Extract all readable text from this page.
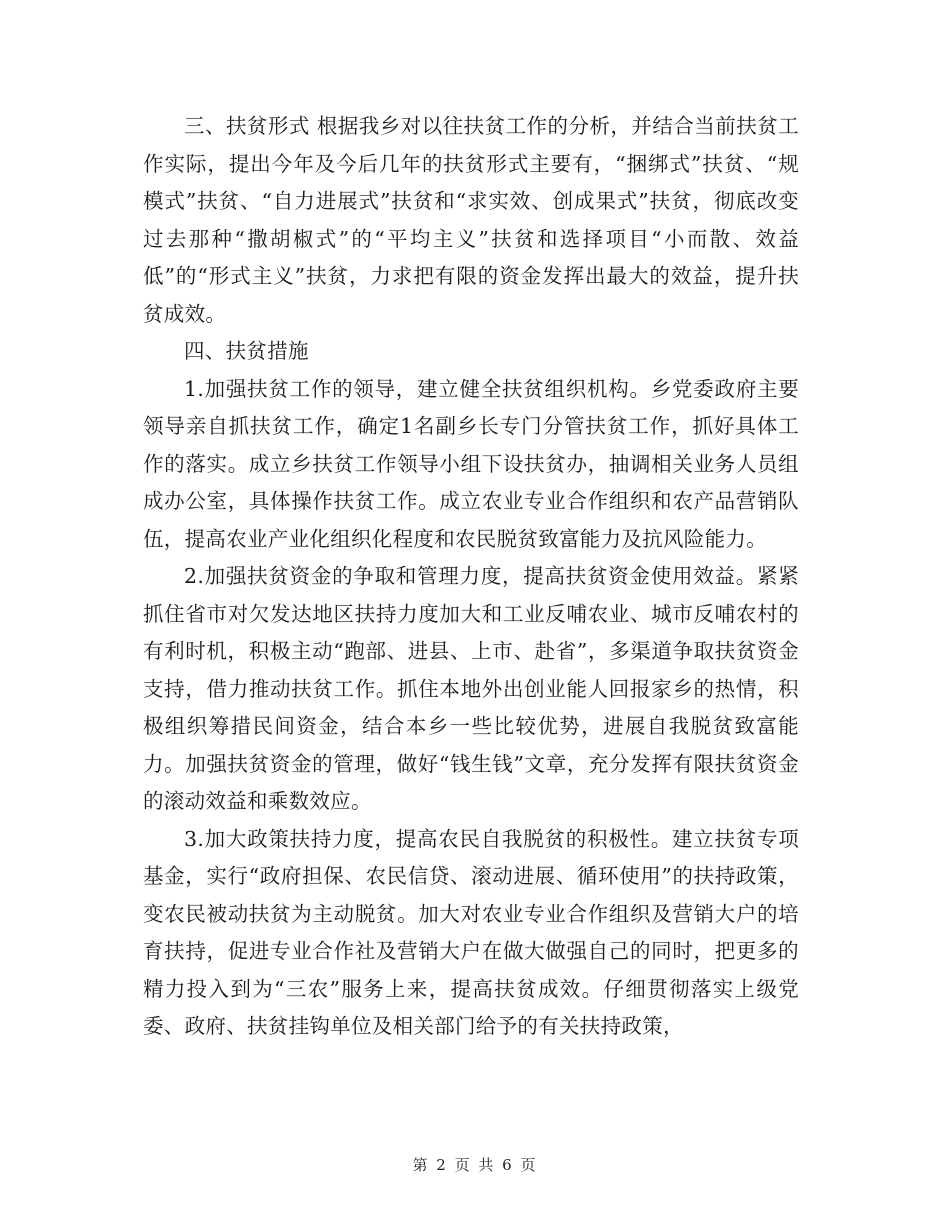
三、扶贫形式 根据我乡对以往扶贫工作的分析，并结合当前扶贫工作实际，提出今年及今后几年的扶贫形式主要有，“捆绑式”扶贫、“规模式”扶贫、“自力进展式”扶贫和“求实效、创成果式”扶贫，彻底改变过去那种“撒胡椒式”的“平均主义”扶贫和选择项目“小而散、效益低”的“形式主义”扶贫，力求把有限的资金发挥出最大的效益，提升扶贫成效。

四、扶贫措施

1.加强扶贫工作的领导，建立健全扶贫组织机构。乡党委政府主要领导亲自抓扶贫工作，确定1名副乡长专门分管扶贫工作，抓好具体工作的落实。成立乡扶贫工作领导小组下设扶贫办，抽调相关业务人员组成办公室，具体操作扶贫工作。成立农业专业合作组织和农产品营销队伍，提高农业产业化组织化程度和农民脱贫致富能力及抗风险能力。

2.加强扶贫资金的争取和管理力度，提高扶贫资金使用效益。紧紧抓住省市对欠发达地区扶持力度加大和工业反哺农业、城市反哺农村的有利时机，积极主动“跑部、进县、上市、赴省”，多渠道争取扶贫资金支持，借力推动扶贫工作。抓住本地外出创业能人回报家乡的热情，积极组织筹措民间资金，结合本乡一些比较优势，进展自我脱贫致富能力。加强扶贫资金的管理，做好“钱生钱”文章，充分发挥有限扶贫资金的滚动效益和乘数效应。

3.加大政策扶持力度，提高农民自我脱贫的积极性。建立扶贫专项基金，实行“政府担保、农民信贷、滚动进展、循环使用”的扶持政策，变农民被动扶贫为主动脱贫。加大对农业专业合作组织及营销大户的培育扶持，促进专业合作社及营销大户在做大做强自己的同时，把更多的精力投入到为“三农”服务上来，提高扶贫成效。仔细贯彻落实上级党委、政府、扶贫挂钩单位及相关部门给予的有关扶持政策，

第 2 页 共 6 页
